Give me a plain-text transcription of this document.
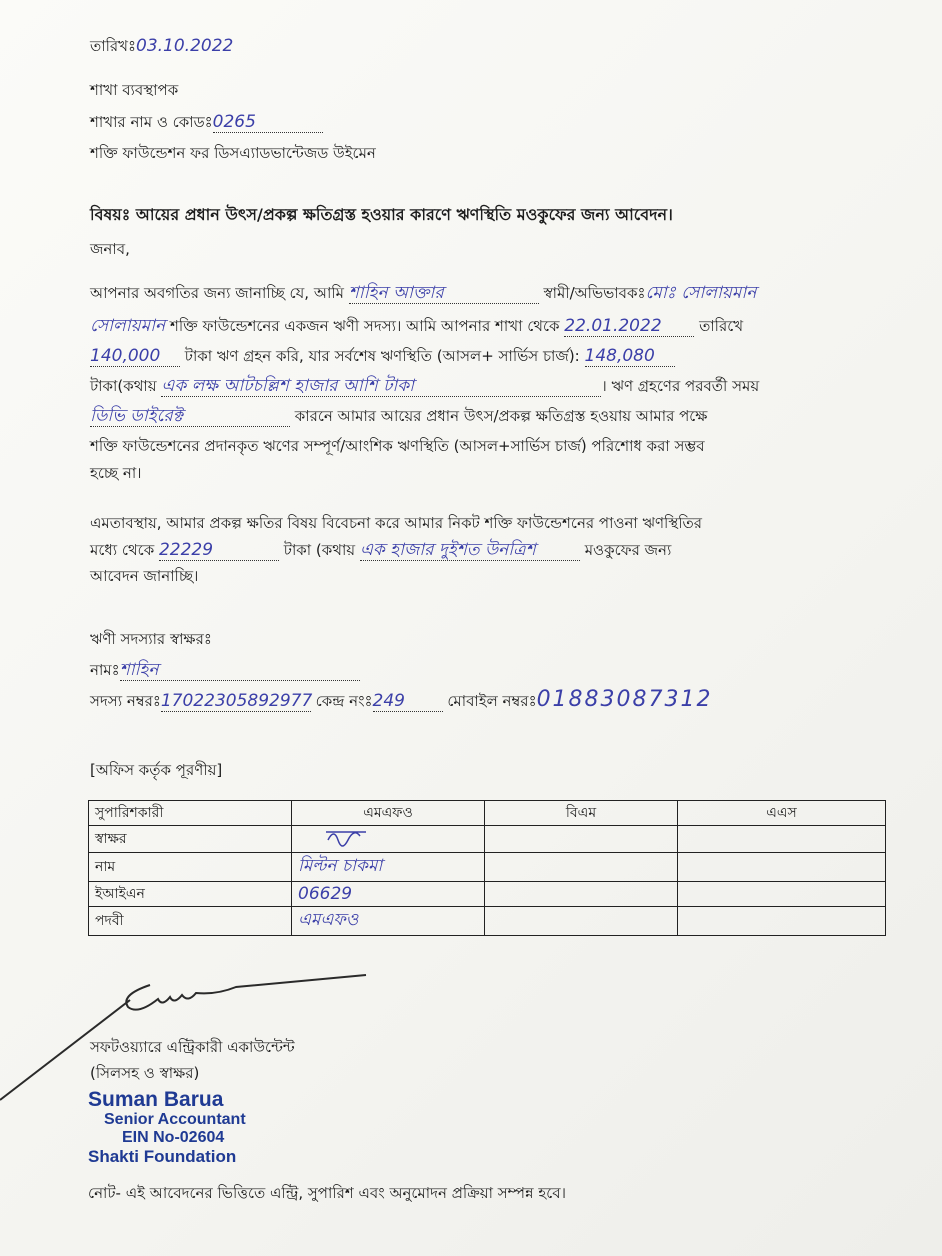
তারিখঃ03.10.2022
শাখা ব্যবস্থাপক
শাখার নাম ও কোডঃ0265
শক্তি ফাউন্ডেশন ফর ডিসএ্যাডভান্টেজড উইমেন
বিষয়ঃ আয়ের প্রধান উৎস/প্রকল্প ক্ষতিগ্রস্ত হওয়ার কারণে ঋণস্থিতি মওকুফের জন্য আবেদন।
জনাব,
আপনার অবগতির জন্য জানাচ্ছি যে, আমি শাহিন আক্তার	স্বামী/অভিভাবকঃমোঃ সোলায়মান
সোলায়মান শক্তি ফাউন্ডেশনের একজন ঋণী সদস্য। আমি আপনার শাখা থেকে 22.01.2022 তারিখে
140,000 টাকা ঋণ গ্রহন করি, যার সর্বশেষ ঋণস্থিতি (আসল+ সার্ভিস চার্জ): 148,080
টাকা(কথায় এক লক্ষ আটচল্লিশ হাজার আশি টাকা	। ঋণ গ্রহণের পরবর্তী সময়
ডিভি ডাইরেক্ট	কারনে আমার আয়ের প্রধান উৎস/প্রকল্প ক্ষতিগ্রস্ত হওয়ায় আমার পক্ষে
শক্তি ফাউন্ডেশনের প্রদানকৃত ঋণের সম্পূর্ণ/আংশিক ঋণস্থিতি (আসল+সার্ভিস চার্জ) পরিশোধ করা সম্ভব
হচ্ছে না।
এমতাবস্থায়, আমার প্রকল্প ক্ষতির বিষয় বিবেচনা করে আমার নিকট শক্তি ফাউন্ডেশনের পাওনা ঋণস্থিতির
মধ্যে থেকে 22229	টাকা (কথায় এক হাজার দুইশত উনত্রিশ	মওকুফের জন্য
আবেদন জানাচ্ছি।
ঋণী সদস্যার স্বাক্ষরঃ
নামঃশাহিন
সদস্য নম্বরঃ17022305892977 কেন্দ্র নংঃ249	মোবাইল নম্বরঃ01883087312
[অফিস কর্তৃক পূরণীয়]
সুপারিশকারী	এমএফও	বিএম	এএস
স্বাক্ষর			
নাম	মিল্টন চাকমা		
ইআইএন	06629		
পদবী	এমএফও		
সফটওয়্যারে এন্ট্রিকারী একাউন্টেন্ট
(সিলসহ ও স্বাক্ষর)
Suman Barua
Senior Accountant
EIN No-02604
Shakti Foundation
নোট- এই আবেদনের ভিত্তিতে এন্ট্রি, সুপারিশ এবং অনুমোদন প্রক্রিয়া সম্পন্ন হবে।
